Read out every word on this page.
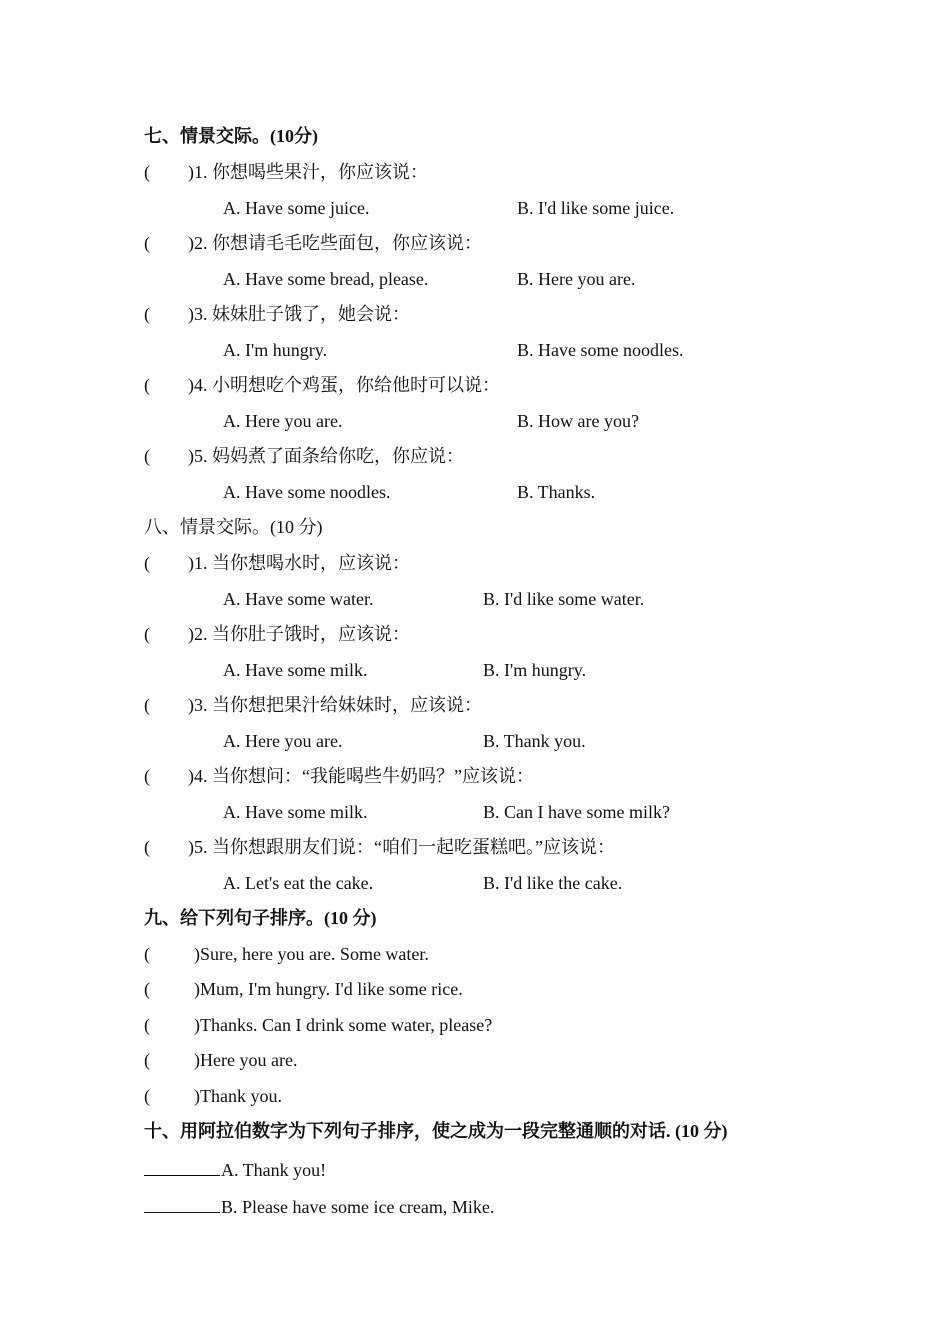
七、情景交际。(10分)
( )1. 你想喝些果汁，你应该说：
A. Have some juice.	B. I'd like some juice.
( )2. 你想请毛毛吃些面包，你应该说：
A. Have some bread, please.	B. Here you are.
( )3. 妹妹肚子饿了，她会说：
A. I'm hungry.	B. Have some noodles.
( )4. 小明想吃个鸡蛋，你给他时可以说：
A. Here you are.	B. How are you?
( )5. 妈妈煮了面条给你吃，你应说：
A. Have some noodles.	B. Thanks.
八、情景交际。(10 分)
( )1. 当你想喝水时，应该说：
A. Have some water.	B. I'd like some water.
( )2. 当你肚子饿时，应该说：
A. Have some milk.	B. I'm hungry.
( )3. 当你想把果汁给妹妹时，应该说：
A. Here you are.	B. Thank you.
( )4. 当你想问：“我能喝些牛奶吗？”应该说：
A. Have some milk.	B. Can I have some milk?
( )5. 当你想跟朋友们说：“咱们一起吃蛋糕吧。”应该说：
A. Let's eat the cake.	B. I'd like the cake.
九、给下列句子排序。(10 分)
( )Sure, here you are. Some water.
( )Mum, I'm hungry. I'd like some rice.
( )Thanks. Can I drink some water, please?
( )Here you are.
( )Thank you.
十、用阿拉伯数字为下列句子排序，使之成为一段完整通顺的对话. (10 分)
A. Thank you!
B. Please have some ice cream, Mike.
